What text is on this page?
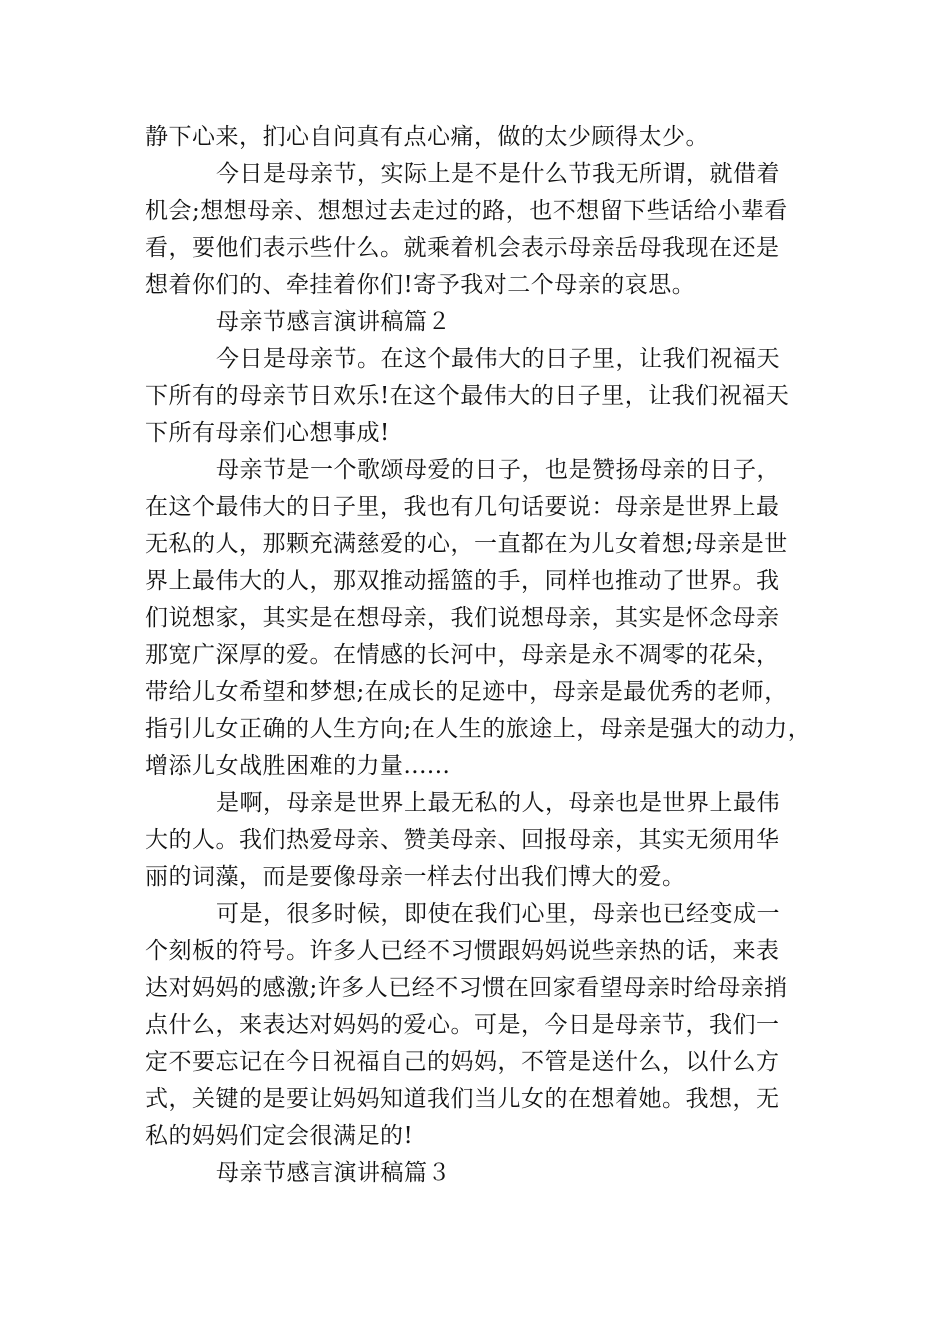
静下心来，扪心自问真有点心痛，做的太少顾得太少。
今日是母亲节，实际上是不是什么节我无所谓，就借着
机会;想想母亲、想想过去走过的路，也不想留下些话给小辈看
看，要他们表示些什么。就乘着机会表示母亲岳母我现在还是
想着你们的、牵挂着你们!寄予我对二个母亲的哀思。
母亲节感言演讲稿篇２
今日是母亲节。在这个最伟大的日子里，让我们祝福天
下所有的母亲节日欢乐!在这个最伟大的日子里，让我们祝福天
下所有母亲们心想事成!
母亲节是一个歌颂母爱的日子，也是赞扬母亲的日子，
在这个最伟大的日子里，我也有几句话要说：母亲是世界上最
无私的人，那颗充满慈爱的心，一直都在为儿女着想;母亲是世
界上最伟大的人，那双推动摇篮的手，同样也推动了世界。我
们说想家，其实是在想母亲，我们说想母亲，其实是怀念母亲
那宽广深厚的爱。在情感的长河中，母亲是永不凋零的花朵，
带给儿女希望和梦想;在成长的足迹中，母亲是最优秀的老师，
指引儿女正确的人生方向;在人生的旅途上，母亲是强大的动力，
增添儿女战胜困难的力量......
是啊，母亲是世界上最无私的人，母亲也是世界上最伟
大的人。我们热爱母亲、赞美母亲、回报母亲，其实无须用华
丽的词藻，而是要像母亲一样去付出我们博大的爱。
可是，很多时候，即使在我们心里，母亲也已经变成一
个刻板的符号。许多人已经不习惯跟妈妈说些亲热的话，来表
达对妈妈的感激;许多人已经不习惯在回家看望母亲时给母亲捎
点什么，来表达对妈妈的爱心。可是，今日是母亲节，我们一
定不要忘记在今日祝福自己的妈妈，不管是送什么，以什么方
式，关键的是要让妈妈知道我们当儿女的在想着她。我想，无
私的妈妈们定会很满足的!
母亲节感言演讲稿篇３
